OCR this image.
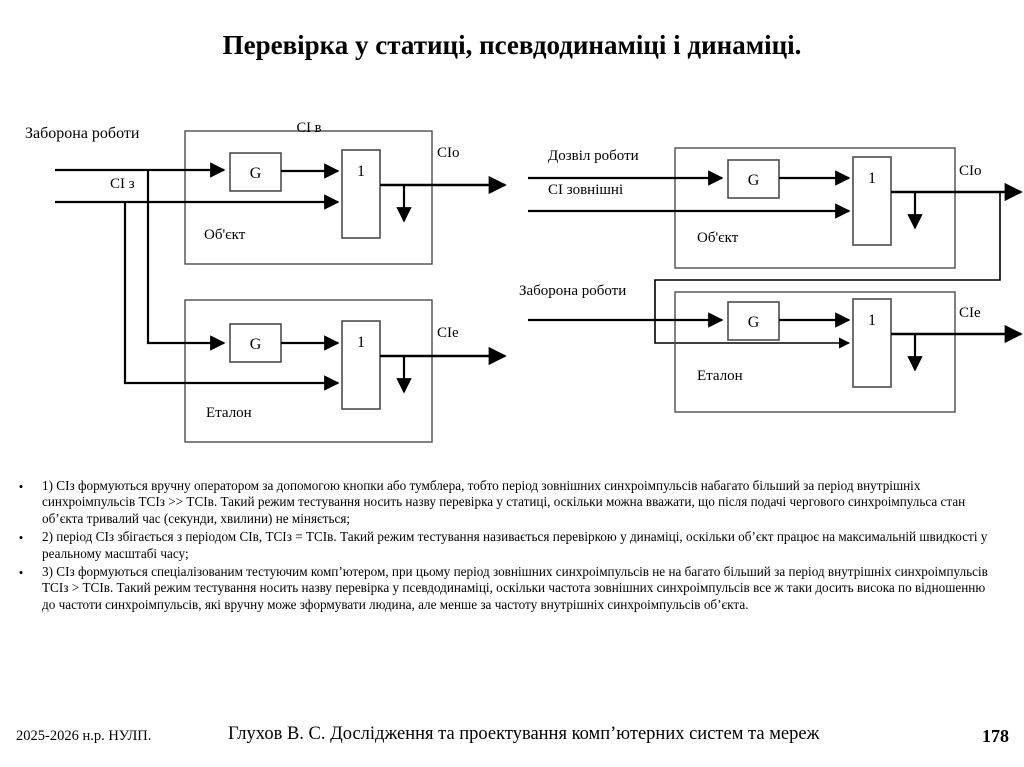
Перевірка у статиці, псевдодинаміці і динаміці.
CI в
Заборона роботи
CI з
Об'єкт
G	1
CIo
Еталон
G	1
CIe
Дозвіл роботи
CI зовнішні
Об'єкт
G	1	CIo
Заборона роботи
Еталон
G	1	CIe
•	1) CIз формуються вручну оператором за допомогою кнопки або тумблера, тобто період зовнішних синхроімпульсів набагато більший за період внутрішніх синхроімпульсів ТСIз >> ТСIв. Такий режим тестування носить назву перевірка у статиці, оскільки можна вважати, що після подачі чергового синхроімпульса стан об’єкта тривалий час (секунди, хвилини) не міняється;
•	2) період CIз збігається з періодом CIв, ТСIз = ТСIв. Такий режим тестування називається перевіркою у динаміці, оскільки об’єкт працює на максимальній швидкості у реальному масштабі часу;
•	3) CIз формуються спеціалізованим тестуючим комп’ютером, при цьому період зовнішних синхроімпульсів не на багато більший за період внутрішніх синхроімпульсів ТСIз > ТСIв. Такий режим тестування носить назву перевірка у псевдодинаміці, оскільки частота зовнішних синхроімпульсів все ж таки досить висока по відношенню до частоти синхроімпульсів, які вручну може зформувати людина, але менше за частоту внутрішніх синхроімпульсів об’єкта.
2025-2026 н.р. НУЛП.	Глухов В. С. Дослідження та проектування комп’ютерних систем та мереж	178
